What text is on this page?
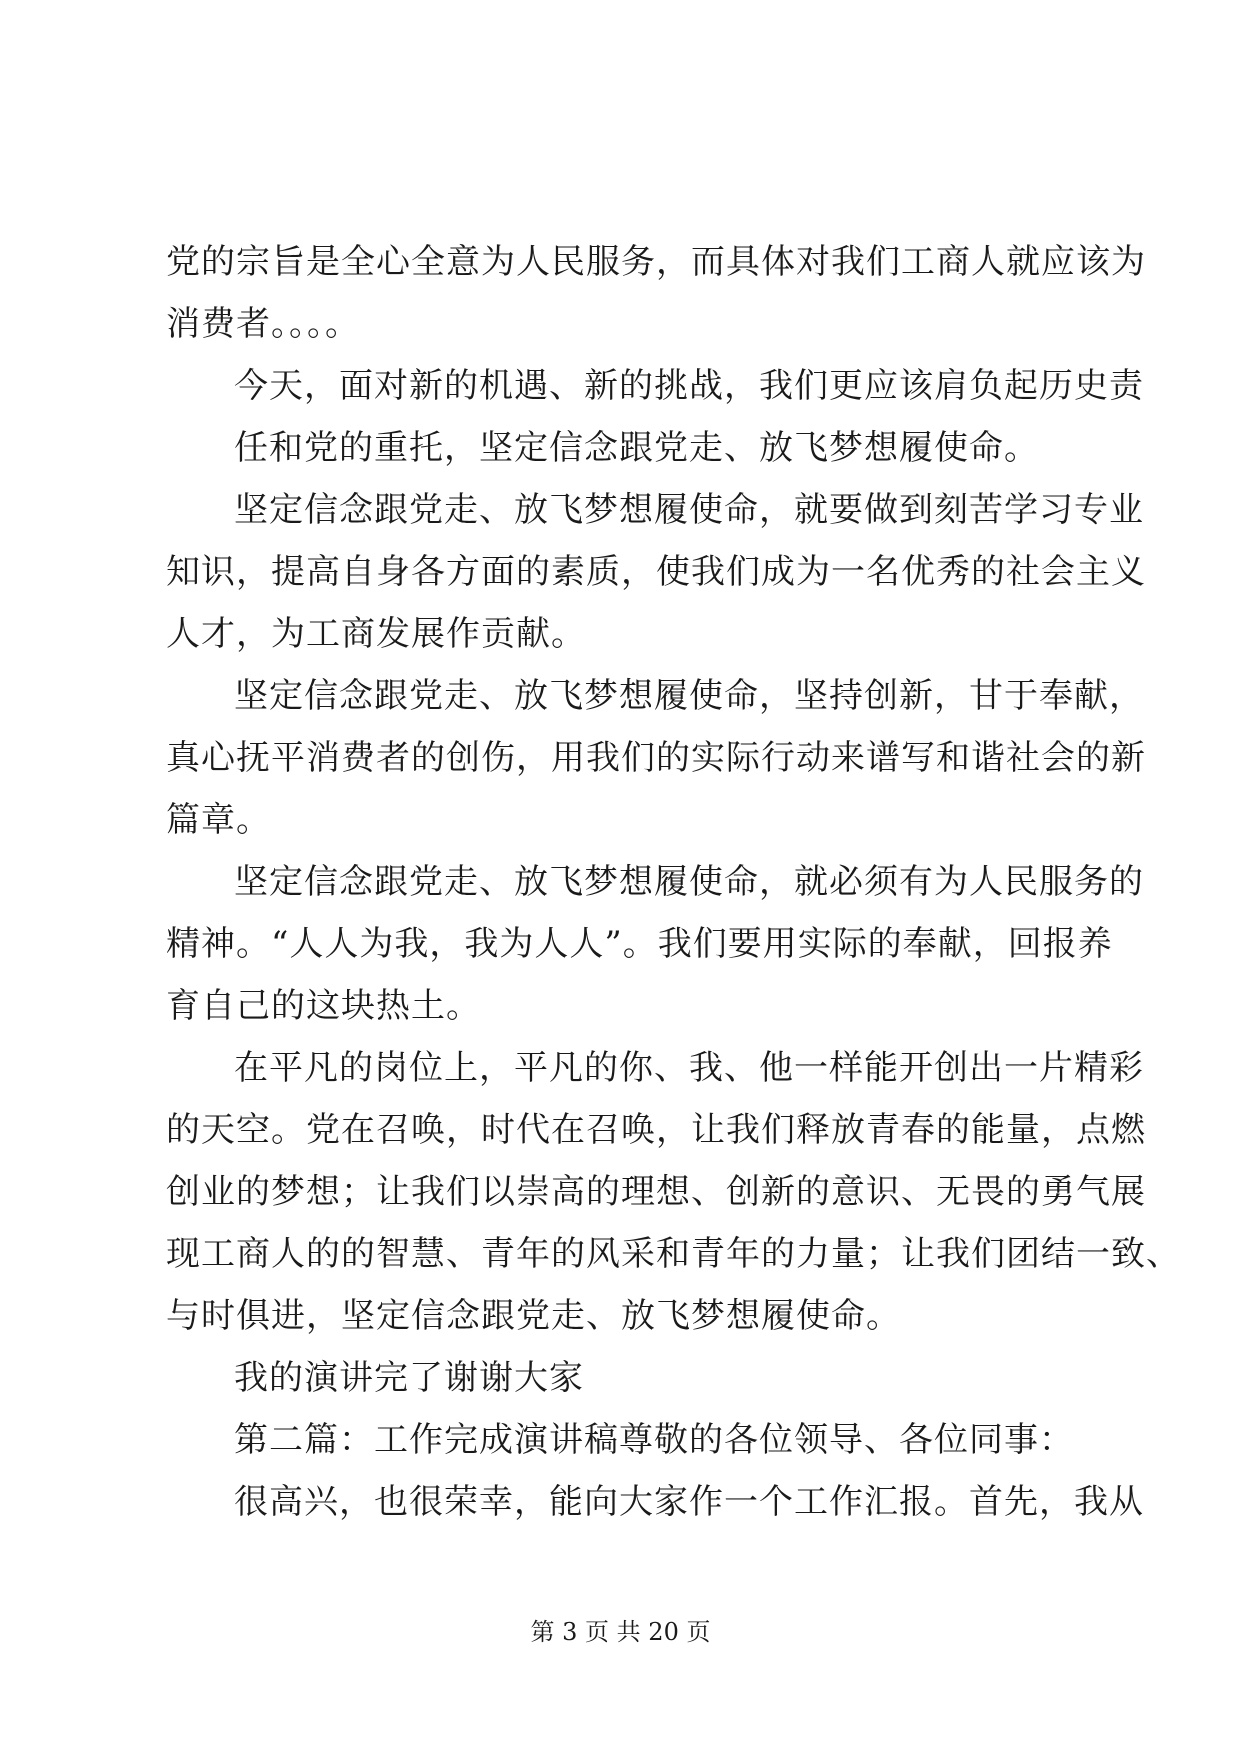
党的宗旨是全心全意为人民服务，而具体对我们工商人就应该为
消费者。。。。
今天，面对新的机遇、新的挑战，我们更应该肩负起历史责
任和党的重托，坚定信念跟党走、放飞梦想履使命。
坚定信念跟党走、放飞梦想履使命，就要做到刻苦学习专业
知识，提高自身各方面的素质，使我们成为一名优秀的社会主义
人才，为工商发展作贡献。
坚定信念跟党走、放飞梦想履使命，坚持创新，甘于奉献，
真心抚平消费者的创伤，用我们的实际行动来谱写和谐社会的新
篇章。
坚定信念跟党走、放飞梦想履使命，就必须有为人民服务的
精神。“人人为我，我为人人”。我们要用实际的奉献，回报养
育自己的这块热土。
在平凡的岗位上，平凡的你、我、他一样能开创出一片精彩
的天空。党在召唤，时代在召唤，让我们释放青春的能量，点燃
创业的梦想；让我们以崇高的理想、创新的意识、无畏的勇气展
现工商人的的智慧、青年的风采和青年的力量；让我们团结一致、
与时俱进，坚定信念跟党走、放飞梦想履使命。
我的演讲完了谢谢大家
第二篇：工作完成演讲稿尊敬的各位领导、各位同事：
很高兴，也很荣幸，能向大家作一个工作汇报。首先，我从
第 3 页 共 20 页
